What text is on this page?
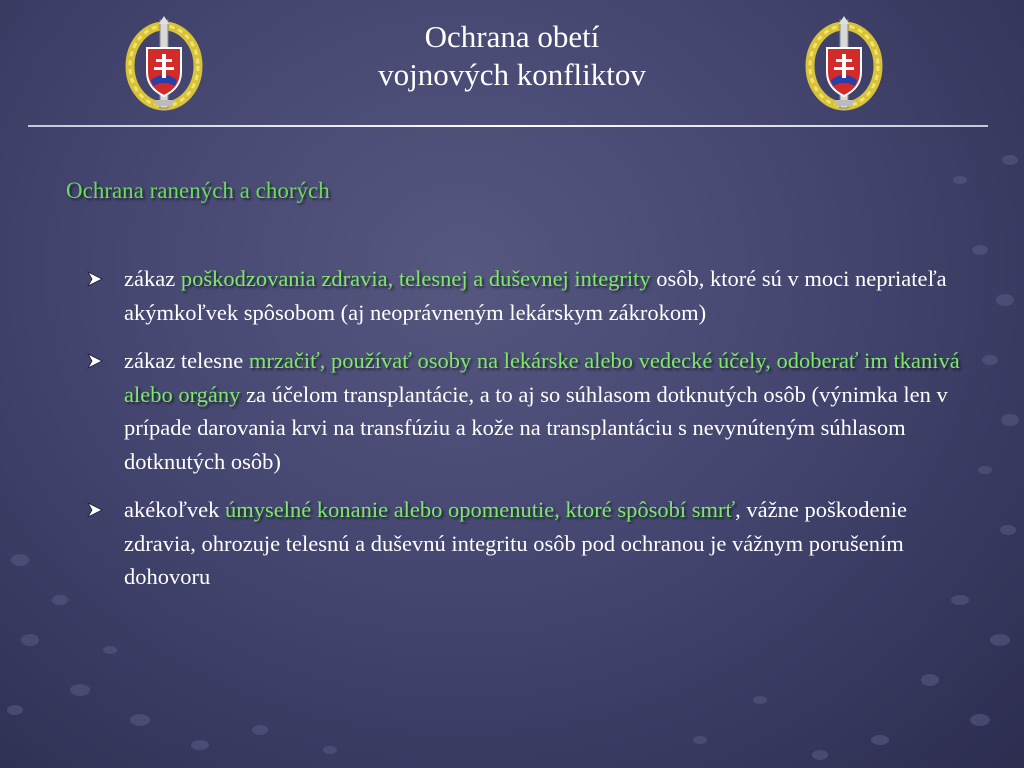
Ochrana obetí
vojnových konfliktov
Ochrana ranených a chorých
zákaz poškodzovania zdravia, telesnej a duševnej integrity osôb, ktoré sú v moci nepriateľa akýmkoľvek spôsobom (aj neoprávneným lekárskym zákrokom)
zákaz telesne mrzačiť, používať osoby na lekárske alebo vedecké účely, odoberať im tkanivá alebo orgány za účelom transplantácie, a to aj so súhlasom dotknutých osôb (výnimka len v prípade darovania krvi na transfúziu a kože na transplantáciu s nevynúteným súhlasom dotknutých osôb)
akékoľvek úmyselné konanie alebo opomenutie, ktoré spôsobí smrť, vážne poškodenie zdravia, ohrozuje telesnú a duševnú integritu osôb pod ochranou je vážnym porušením dohovoru
